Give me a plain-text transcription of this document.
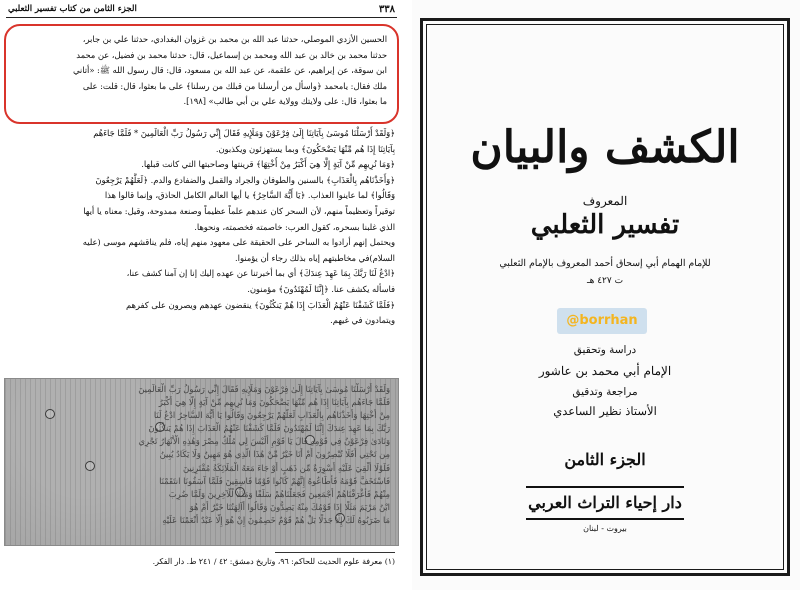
٣٣٨
الجزء الثامن من كتاب تفسير الثعلبي
الحسين الأزدي الموصلي، حدثنا عبد الله بن محمد بن غزوان البغدادي، حدثنا علي بن جابر،
حدثنا محمد بن خالد بن عبد الله ومحمد بن إسماعيل، قال: حدثنا محمد بن فضيل، عن محمد
ابن سوقة، عن إبراهيم، عن علقمة، عن عبد الله بن مسعود، قال: قال رسول الله ﷺ: «أتاني
ملك فقال: يامحمد ﴿واسأل من أرسلنا من قبلك من رسلنا﴾ على ما بعثوا، قال: قلت: على
ما بعثوا، قال: على ولايتك وولاية علي بن أبي طالب» [١٩٨].
﴿وَلَقَدْ أَرْسَلْنَا مُوسَىٰ بِآيَاتِنَا إِلَىٰ فِرْعَوْنَ وَمَلَإِيهِ فَقَالَ إِنِّي رَسُولُ رَبِّ الْعَالَمِينَ * فَلَمَّا جَاءَهُم
بِآيَاتِنَا إِذَا هُم مِّنْهَا يَضْحَكُونَ﴾ وبما يستهزئون ويكذبون.
﴿وَمَا نُرِيهِم مِّنْ آيَةٍ إِلَّا هِيَ أَكْبَرُ مِنْ أُخْتِهَا﴾ قرينتها وصاحبتها التي كانت قبلها.
﴿وَأَخَذْنَاهُم بِالْعَذَابِ﴾ بالسنين والطوفان والجراد والقمل والضفادع والدم. ﴿لَعَلَّهُمْ يَرْجِعُونَ
وَقَالُوا﴾ لما عاينوا العذاب. ﴿يَا أَيُّهَ السَّاحِرُ﴾ يا أيها العالم الكامل الحاذق، وإنما قالوا هذا
توقيراً وتعظيماً منهم، لأن السحر كان عندهم علماً عظيماً وصنعة ممدوحة، وقيل: معناه يا أيها
الذي غلبنا بسحره، كقول العرب: خاصمته فخصمته، ونحوها.
ويحتمل إنهم أرادوا به الساحر على الحقيقة على معهود منهم إياه، فلم يناقشهم موسى (عليه
السلام)في مخاطبتهم إياه بذلك رجاء أن يؤمنوا.
﴿ادْعُ لَنَا رَبَّكَ بِمَا عَهِدَ عِندَكَ﴾ أي بما أخبرتنا عن عهده إليك إنا إن آمنا كشف عنا،
فاسأله يكشف عنا. ﴿إِنَّنَا لَمُهْتَدُونَ﴾ مؤمنون.
﴿فَلَمَّا كَشَفْنَا عَنْهُمُ الْعَذَابَ إِذَا هُمْ يَنكُثُونَ﴾ ينقضون عهدهم ويصرون على كفرهم
ويتمادون في غيهم.
وَلَقَدْ أَرْسَلْنَا مُوسَىٰ بِآيَاتِنَا إِلَىٰ فِرْعَوْنَ وَمَلَإِيهِ فَقَالَ إِنِّي رَسُولُ رَبِّ الْعَالَمِينَ
فَلَمَّا جَاءَهُم بِآيَاتِنَا إِذَا هُم مِّنْهَا يَضْحَكُونَ وَمَا نُرِيهِم مِّنْ آيَةٍ إِلَّا هِيَ أَكْبَرُ
مِنْ أُخْتِهَا وَأَخَذْنَاهُم بِالْعَذَابِ لَعَلَّهُمْ يَرْجِعُونَ وَقَالُوا يَا أَيُّهَ السَّاحِرُ ادْعُ لَنَا
رَبَّكَ بِمَا عَهِدَ عِندَكَ إِنَّنَا لَمُهْتَدُونَ فَلَمَّا كَشَفْنَا عَنْهُمُ الْعَذَابَ إِذَا هُمْ يَنكُثُونَ
وَنَادَىٰ فِرْعَوْنُ فِي قَوْمِهِ قَالَ يَا قَوْمِ أَلَيْسَ لِي مُلْكُ مِصْرَ وَهَٰذِهِ الْأَنْهَارُ تَجْرِي
مِن تَحْتِي أَفَلَا تُبْصِرُونَ أَمْ أَنَا خَيْرٌ مِّنْ هَٰذَا الَّذِي هُوَ مَهِينٌ وَلَا يَكَادُ يُبِينُ
فَلَوْلَا أُلْقِيَ عَلَيْهِ أَسْوِرَةٌ مِّن ذَهَبٍ أَوْ جَاءَ مَعَهُ الْمَلَائِكَةُ مُقْتَرِنِينَ
فَاسْتَخَفَّ قَوْمَهُ فَأَطَاعُوهُ إِنَّهُمْ كَانُوا قَوْمًا فَاسِقِينَ فَلَمَّا آسَفُونَا انتَقَمْنَا
مِنْهُمْ فَأَغْرَقْنَاهُمْ أَجْمَعِينَ فَجَعَلْنَاهُمْ سَلَفًا وَمَثَلًا لِّلْآخِرِينَ وَلَمَّا ضُرِبَ
ابْنُ مَرْيَمَ مَثَلًا إِذَا قَوْمُكَ مِنْهُ يَصِدُّونَ وَقَالُوا أَآلِهَتُنَا خَيْرٌ أَمْ هُوَ
مَا ضَرَبُوهُ لَكَ إِلَّا جَدَلًا بَلْ هُمْ قَوْمٌ خَصِمُونَ إِنْ هُوَ إِلَّا عَبْدٌ أَنْعَمْنَا عَلَيْهِ
(١) معرفة علوم الحديث للحاكم: ٩٦، وتاريخ دمشق: ٤٢ / ٢٤١ ط. دار الفكر.
الكشف والبيان
المعروف
تفسير الثعلبي
للإمام الهمام أبي إسحاق أحمد المعروف بالإمام الثعلبي
ت ٤٢٧ هـ
@borrhan
دراسة وتحقيق
الإمام أبي محمد بن عاشور
مراجعة وتدقيق
الأستاذ نظير الساعدي
الجزء الثامن
دار إحياء التراث العربي
بيروت - لبنان
